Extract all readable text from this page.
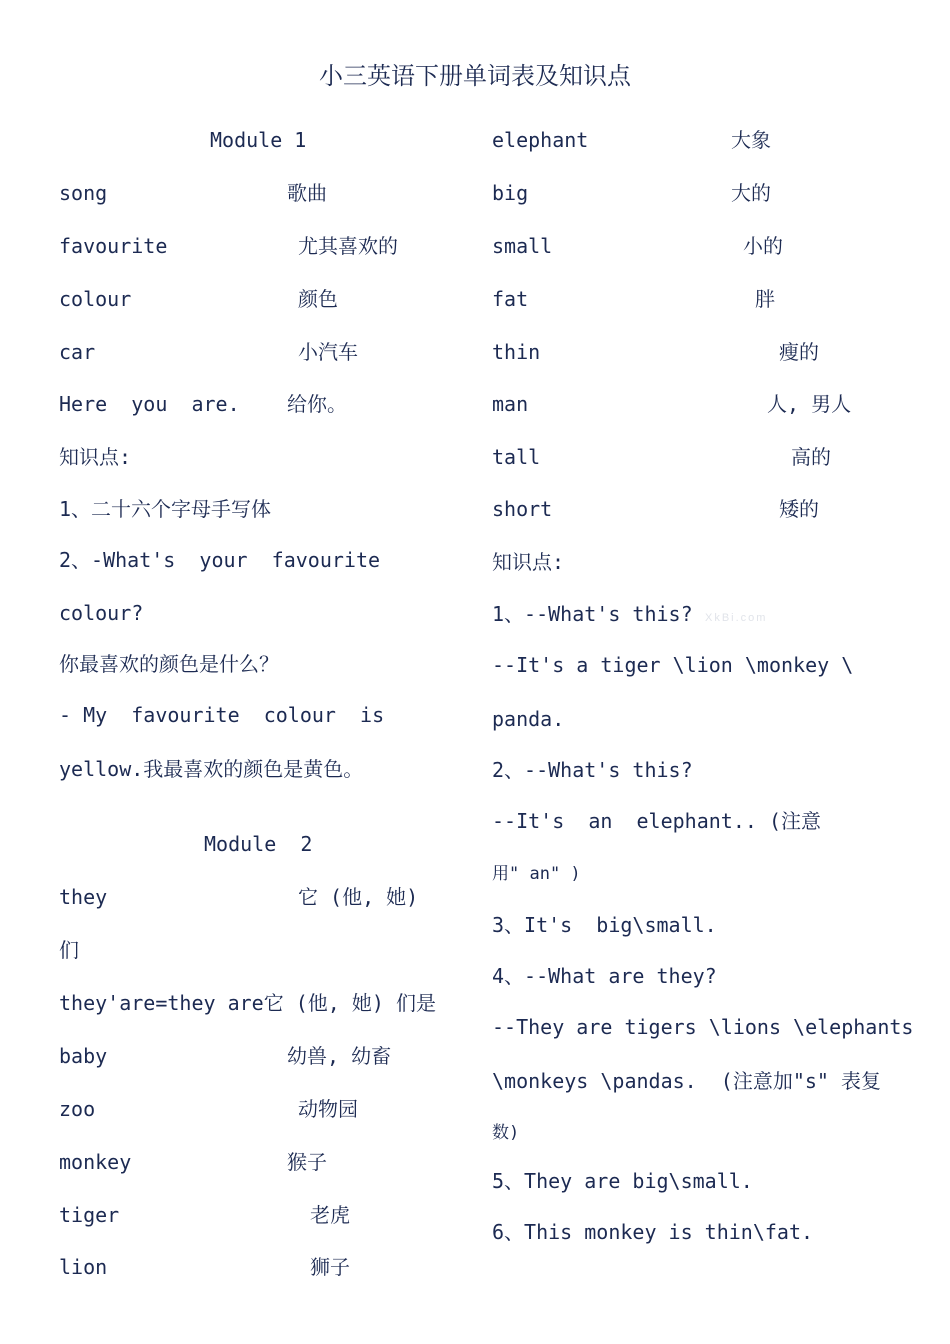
小三英语下册单词表及知识点
Module 1
song	歌曲
favourite	尤其喜欢的
colour	颜色
car	小汽车
Here  you  are. 给你。
知识点:
1、二十六个字母手写体
2、-What's  your  favourite
colour?
你最喜欢的颜色是什么？
- My  favourite  colour  is
yellow.我最喜欢的颜色是黄色。
Module  2
they	它 (他, 她)
们
they'are=they are它 (他, 她) 们是
baby	幼兽, 幼畜
zoo	动物园
monkey	猴子
tiger	老虎
lion	狮子
elephant	大象
big	大的
small	小的
fat	胖
thin	瘦的
man	人, 男人
tall	高的
short	矮的
知识点:
1、--What's this? XkBi.com
--It's a tiger \lion \monkey \
panda.
2、--What's this?
--It's  an  elephant.. (注意
用" an" )
3、It's  big\small.
4、--What are they?
--They are tigers \lions \elephants
\monkeys \pandas.  (注意加"s" 表复
数)
5、They are big\small.
6、This monkey is thin\fat.
